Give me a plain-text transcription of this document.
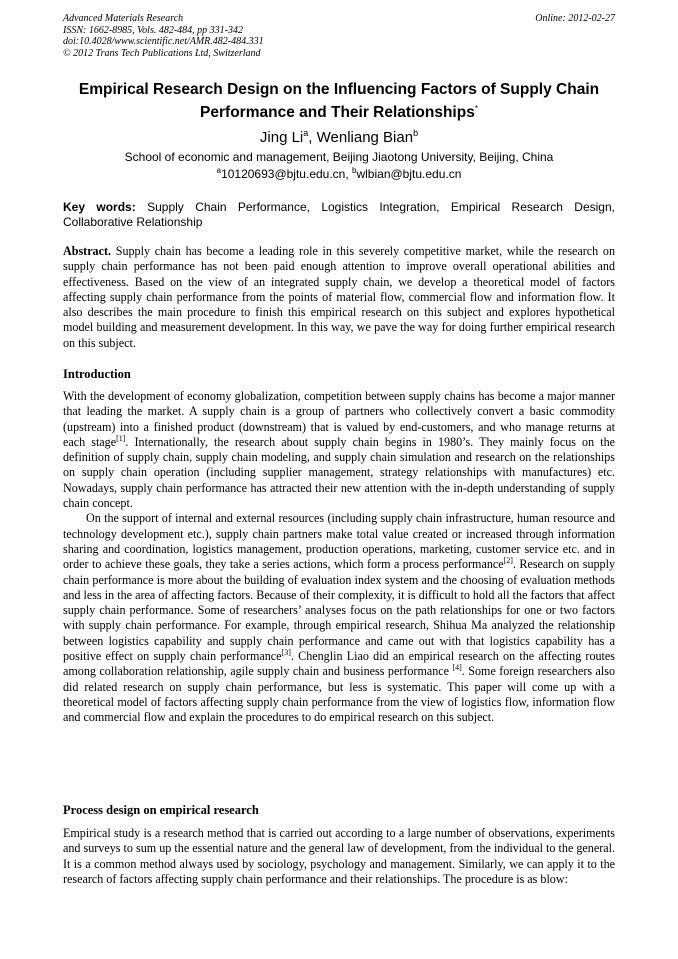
Advanced Materials Research
ISSN: 1662-8985, Vols. 482-484, pp 331-342
doi:10.4028/www.scientific.net/AMR.482-484.331
© 2012 Trans Tech Publications Ltd, Switzerland
Online: 2012-02-27
Empirical Research Design on the Influencing Factors of Supply Chain Performance and Their Relationships*
Jing Li$^a$, Wenliang Bian$^b$
School of economic and management, Beijing Jiaotong University, Beijing, China
$^a$10120693@bjtu.edu.cn, $^b$wlbian@bjtu.edu.cn
Key words: Supply Chain Performance, Logistics Integration, Empirical Research Design, Collaborative Relationship

Abstract. Supply chain has become a leading role in this severely competitive market, while the research on supply chain performance has not been paid enough attention to improve overall operational abilities and effectiveness. Based on the view of an integrated supply chain, we develop a theoretical model of factors affecting supply chain performance from the points of material flow, commercial flow and information flow. It also describes the main procedure to finish this empirical research on this subject and explores hypothetical model building and measurement development. In this way, we pave the way for doing further empirical research on this subject.

Introduction

With the development of economy globalization, competition between supply chains has become a major manner that leading the market. A supply chain is a group of partners who collectively convert a basic commodity (upstream) into a finished product (downstream) that is valued by end-customers, and who manage returns at each stage[1]. Internationally, the research about supply chain begins in 1980’s. They mainly focus on the definition of supply chain, supply chain modeling, and supply chain simulation and research on the relationships on supply chain operation (including supplier management, strategy relationships with manufactures) etc. Nowadays, supply chain performance has attracted their new attention with the in-depth understanding of supply chain concept.

On the support of internal and external resources (including supply chain infrastructure, human resource and technology development etc.), supply chain partners make total value created or increased through information sharing and coordination, logistics management, production operations, marketing, customer service etc. and in order to achieve these goals, they take a series actions, which form a process performance[2]. Research on supply chain performance is more about the building of evaluation index system and the choosing of evaluation methods and less in the area of affecting factors. Because of their complexity, it is difficult to hold all the factors that affect supply chain performance. Some of researchers’ analyses focus on the path relationships for one or two factors with supply chain performance. For example, through empirical research, Shihua Ma analyzed the relationship between logistics capability and supply chain performance and came out with that logistics capability has a positive effect on supply chain performance[3]. Chenglin Liao did an empirical research on the affecting routes among collaboration relationship, agile supply chain and business performance [4]. Some foreign researchers also did related research on supply chain performance, but less is systematic. This paper will come up with a theoretical model of factors affecting supply chain performance from the view of logistics flow, information flow and commercial flow and explain the procedures to do empirical research on this subject.

Process design on empirical research

Empirical study is a research method that is carried out according to a large number of observations, experiments and surveys to sum up the essential nature and the general law of development, from the individual to the general. It is a common method always used by sociology, psychology and management. Similarly, we can apply it to the research of factors affecting supply chain performance and their relationships. The procedure is as blow:
